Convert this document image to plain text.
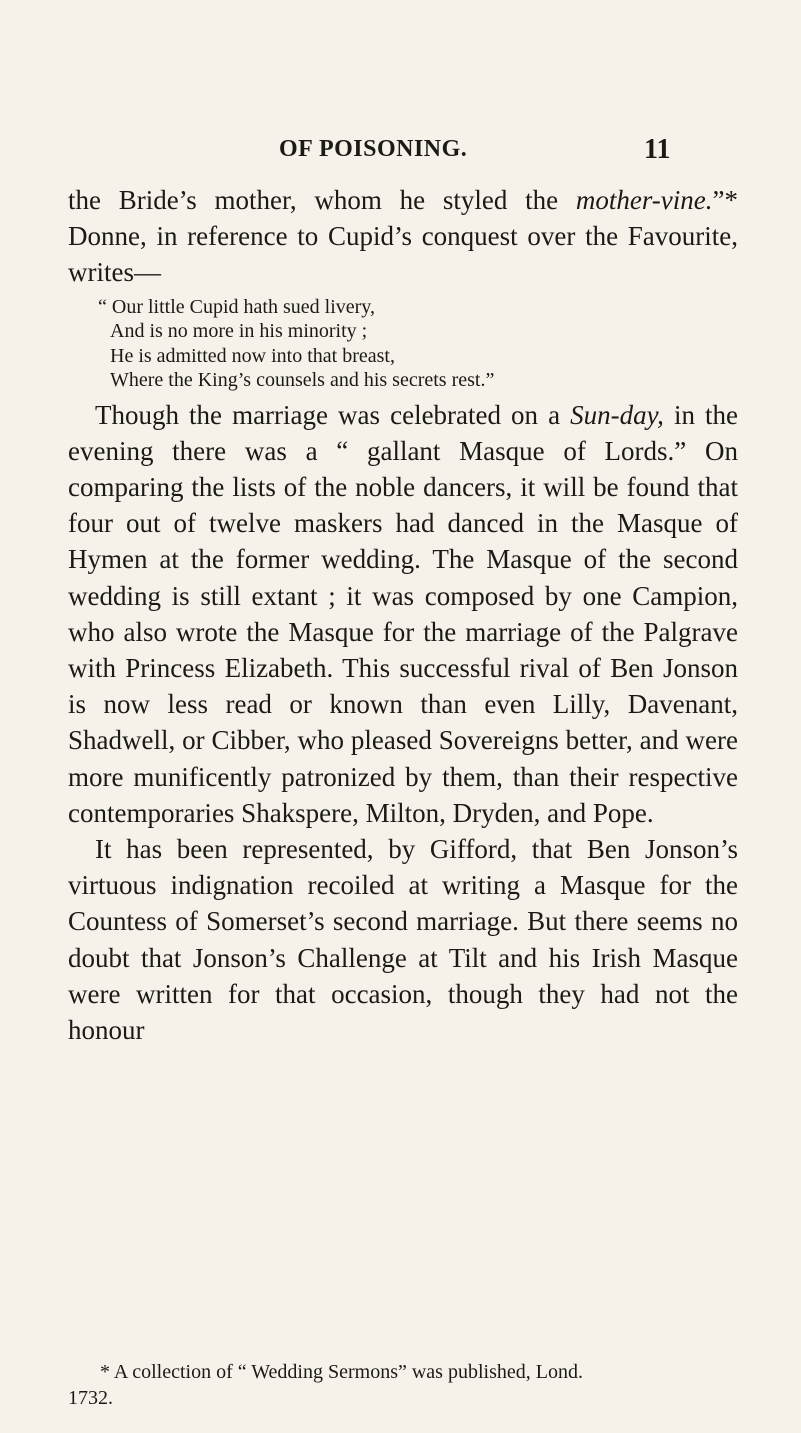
OF POISONING.	11

the Bride’s mother, whom he styled the mother-vine.”* Donne, in reference to Cupid’s conquest over the Favourite, writes—

“ Our little Cupid hath sued livery,
And is no more in his minority ;
He is admitted now into that breast,
Where the King’s counsels and his secrets rest.”

 Though the marriage was celebrated on a Sun-day, in the evening there was a “ gallant Masque of Lords.” On comparing the lists of the noble dancers, it will be found that four out of twelve maskers had danced in the Masque of Hymen at the former wedding. The Masque of the second wedding is still extant ; it was composed by one Campion, who also wrote the Masque for the marriage of the Palgrave with Princess Elizabeth. This successful rival of Ben Jonson is now less read or known than even Lilly, Davenant, Shadwell, or Cibber, who pleased Sovereigns better, and were more munificently patronized by them, than their respective contemporaries Shakspere, Milton, Dryden, and Pope.

 It has been represented, by Gifford, that Ben Jonson’s virtuous indignation recoiled at writing a Masque for the Countess of Somerset’s second marriage. But there seems no doubt that Jonson’s Challenge at Tilt and his Irish Masque were written for that occasion, though they had not the honour

* A collection of “ Wedding Sermons” was published, Lond.
1732.
